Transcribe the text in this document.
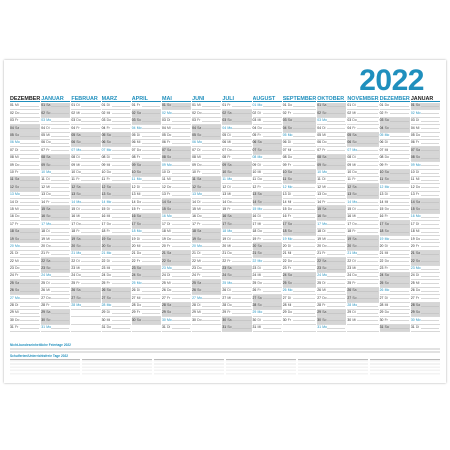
2022
DEZEMBER
01 Mi
02 Do
03 Fr
04 Sa
05 So
06 Mo
07 Di
08 Mi
09 Do
10 Fr
11 Sa
12 So
13 Mo
14 Di
15 Mi
16 Do
17 Fr
18 Sa
19 So
20 Mo
21 Di
22 Mi
23 Do
24 Fr
25 Sa
26 So
27 Mo
28 Di
29 Mi
30 Do
31 Fr
JANUAR
01 Sa
02 So
03 Mo
04 Di
05 Mi
06 Do
07 Fr
08 Sa
09 So
10 Mo
11 Di
12 Mi
13 Do
14 Fr
15 Sa
16 So
17 Mo
18 Di
19 Mi
20 Do
21 Fr
22 Sa
23 So
24 Mo
25 Di
26 Mi
27 Do
28 Fr
29 Sa
30 So
31 Mo
FEBRUAR
01 Di
02 Mi
03 Do
04 Fr
05 Sa
06 So
07 Mo
08 Di
09 Mi
10 Do
11 Fr
12 Sa
13 So
14 Mo
15 Di
16 Mi
17 Do
18 Fr
19 Sa
20 So
21 Mo
22 Di
23 Mi
24 Do
25 Fr
26 Sa
27 So
28 Mo
MÄRZ
01 Di
02 Mi
03 Do
04 Fr
05 Sa
06 So
07 Mo
08 Di
09 Mi
10 Do
11 Fr
12 Sa
13 So
14 Mo
15 Di
16 Mi
17 Do
18 Fr
19 Sa
20 So
21 Mo
22 Di
23 Mi
24 Do
25 Fr
26 Sa
27 So
28 Mo
29 Di
30 Mi
31 Do
APRIL
01 Fr
02 Sa
03 So
04 Mo
05 Di
06 Mi
07 Do
08 Fr
09 Sa
10 So
11 Mo
12 Di
13 Mi
14 Do
15 Fr
16 Sa
17 So
18 Mo
19 Di
20 Mi
21 Do
22 Fr
23 Sa
24 So
25 Mo
26 Di
27 Mi
28 Do
29 Fr
30 Sa
MAI
01 So
02 Mo
03 Di
04 Mi
05 Do
06 Fr
07 Sa
08 So
09 Mo
10 Di
11 Mi
12 Do
13 Fr
14 Sa
15 So
16 Mo
17 Di
18 Mi
19 Do
20 Fr
21 Sa
22 So
23 Mo
24 Di
25 Mi
26 Do
27 Fr
28 Sa
29 So
30 Mo
31 Di
JUNI
01 Mi
02 Do
03 Fr
04 Sa
05 So
06 Mo
07 Di
08 Mi
09 Do
10 Fr
11 Sa
12 So
13 Mo
14 Di
15 Mi
16 Do
17 Fr
18 Sa
19 So
20 Mo
21 Di
22 Mi
23 Do
24 Fr
25 Sa
26 So
27 Mo
28 Di
29 Mi
30 Do
JULI
01 Fr
02 Sa
03 So
04 Mo
05 Di
06 Mi
07 Do
08 Fr
09 Sa
10 So
11 Mo
12 Di
13 Mi
14 Do
15 Fr
16 Sa
17 So
18 Mo
19 Di
20 Mi
21 Do
22 Fr
23 Sa
24 So
25 Mo
26 Di
27 Mi
28 Do
29 Fr
30 Sa
31 So
AUGUST
01 Mo
02 Di
03 Mi
04 Do
05 Fr
06 Sa
07 So
08 Mo
09 Di
10 Mi
11 Do
12 Fr
13 Sa
14 So
15 Mo
16 Di
17 Mi
18 Do
19 Fr
20 Sa
21 So
22 Mo
23 Di
24 Mi
25 Do
26 Fr
27 Sa
28 So
29 Mo
30 Di
31 Mi
SEPTEMBER
01 Do
02 Fr
03 Sa
04 So
05 Mo
06 Di
07 Mi
08 Do
09 Fr
10 Sa
11 So
12 Mo
13 Di
14 Mi
15 Do
16 Fr
17 Sa
18 So
19 Mo
20 Di
21 Mi
22 Do
23 Fr
24 Sa
25 So
26 Mo
27 Di
28 Mi
29 Do
30 Fr
OKTOBER
01 Sa
02 So
03 Mo
04 Di
05 Mi
06 Do
07 Fr
08 Sa
09 So
10 Mo
11 Di
12 Mi
13 Do
14 Fr
15 Sa
16 So
17 Mo
18 Di
19 Mi
20 Do
21 Fr
22 Sa
23 So
24 Mo
25 Di
26 Mi
27 Do
28 Fr
29 Sa
30 So
31 Mo
NOVEMBER
01 Di
02 Mi
03 Do
04 Fr
05 Sa
06 So
07 Mo
08 Di
09 Mi
10 Do
11 Fr
12 Sa
13 So
14 Mo
15 Di
16 Mi
17 Do
18 Fr
19 Sa
20 So
21 Mo
22 Di
23 Mi
24 Do
25 Fr
26 Sa
27 So
28 Mo
29 Di
30 Mi
DEZEMBER
01 Do
02 Fr
03 Sa
04 So
05 Mo
06 Di
07 Mi
08 Do
09 Fr
10 Sa
11 So
12 Mo
13 Di
14 Mi
15 Do
16 Fr
17 Sa
18 So
19 Mo
20 Di
21 Mi
22 Do
23 Fr
24 Sa
25 So
26 Mo
27 Di
28 Mi
29 Do
30 Fr
31 Sa
JANUAR
01 So
02 Mo
03 Di
04 Mi
05 Do
06 Fr
07 Sa
08 So
09 Mo
10 Di
11 Mi
12 Do
13 Fr
14 Sa
15 So
16 Mo
17 Di
18 Mi
19 Do
20 Fr
21 Sa
22 So
23 Mo
24 Di
25 Mi
26 Do
27 Fr
28 Sa
29 So
30 Mo
31 Di
Nicht-bundeseinheitliche Feiertage 2022
Schulferien/Unterrichtsfreie Tage 2022
